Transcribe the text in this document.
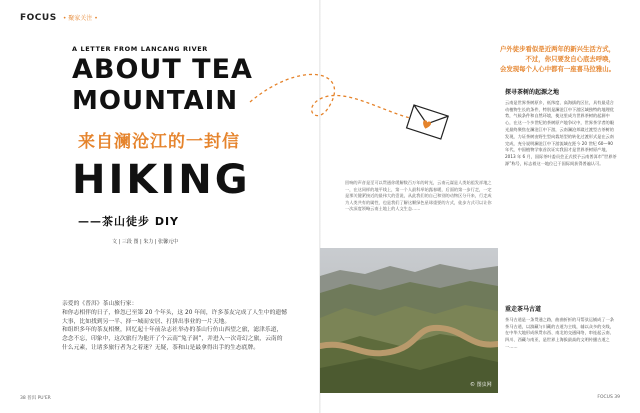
FOCUS • 聚家关注 •
A LETTER FROM LANCANG RIVER
ABOUT TEA
MOUNTAIN
来自澜沧江的一封信
HIKING
——茶山徒步 DIY
文 | 三段 图 | 朱力 | 张馨元中

亲爱的《普洱》茶山旅行家：

和你志相伴的日子，修忽已至第 20 个年头，这 20 年间，许多茶友完成了人生中的遗憾大事，比如找到另一半、择一城而安居、打拼出事业的一片天地。

和组织多年的茶友相聚，回忆起十年前杂志社举办的茶山行仿山西望之旅，滤津乐道，念念不忘，印象中，这次旅行为他开了个云南“兔子洞”，并进入一次奇幻之旅，云南的什么元素，让诸多旅行者为之着迷？无疑，茶和山是最拿得出手的生态底牌。

© 图虫网
回响的声音是至可以贯通你缓解数百万年的时光，云南元谋是人类始祖发祥地之一，在这同样的地平线上，第一个人最科举始露春暖，后面的第一步行走，一定是那关键紧接近的最伟大的壹说，从此我们的自己和别的动物区分开来，行走成为人类共有的属性，也是我们了解这颗绿色星球重要的方式，徒步方式可以让你一次深度领略云南土地上的人文生态……

户外徒步看似是近两年的新兴生活方式，

不过，你只要发自心底去呼唤，

会发现每个人心中都有一座喜马拉雅山。

探寻茶树的起源之地

云南是世界茶树原乡，低纬度、高海拔的区位，具有最适合动植物生长的条件，特别是澜沧江中下游区域独特的地理优势，气候条件和自然环境，使这里成为世界茶树的起源中心，在这一个多世纪的茶树原产地争议中，世界茶学者的眼光最终聚焦在澜沧江中下游，云南澜沧邦崴过渡型古茶树的发现，力证茶树由野生型向栽培型的转化过渡形式是在云南完成，充分说明澜沧江中下游流域在距今 20 世纪 60—90 年代，中国植物学家首次证实我国才是世界茶树原产地，2013 年 6 月，国际茶叶委员会正式授予云南普洱市“世界茶源”称号，标志着这一地位已于国际间获得普遍认可。

重走茶马古道

茶马古道是一条贯通之路，曲曲折折的马帮驮运铺成了一条茶马古道，以滇藏与川藏的古道为主线，辅以众多的支线，在中华大地形成纵贯东西、南北的交通网络，串连起云南、四川、西藏与南亚，是世界上海拔最高的文明传播古道之一……

38 普洱 PU'ER	FOCUS 39
